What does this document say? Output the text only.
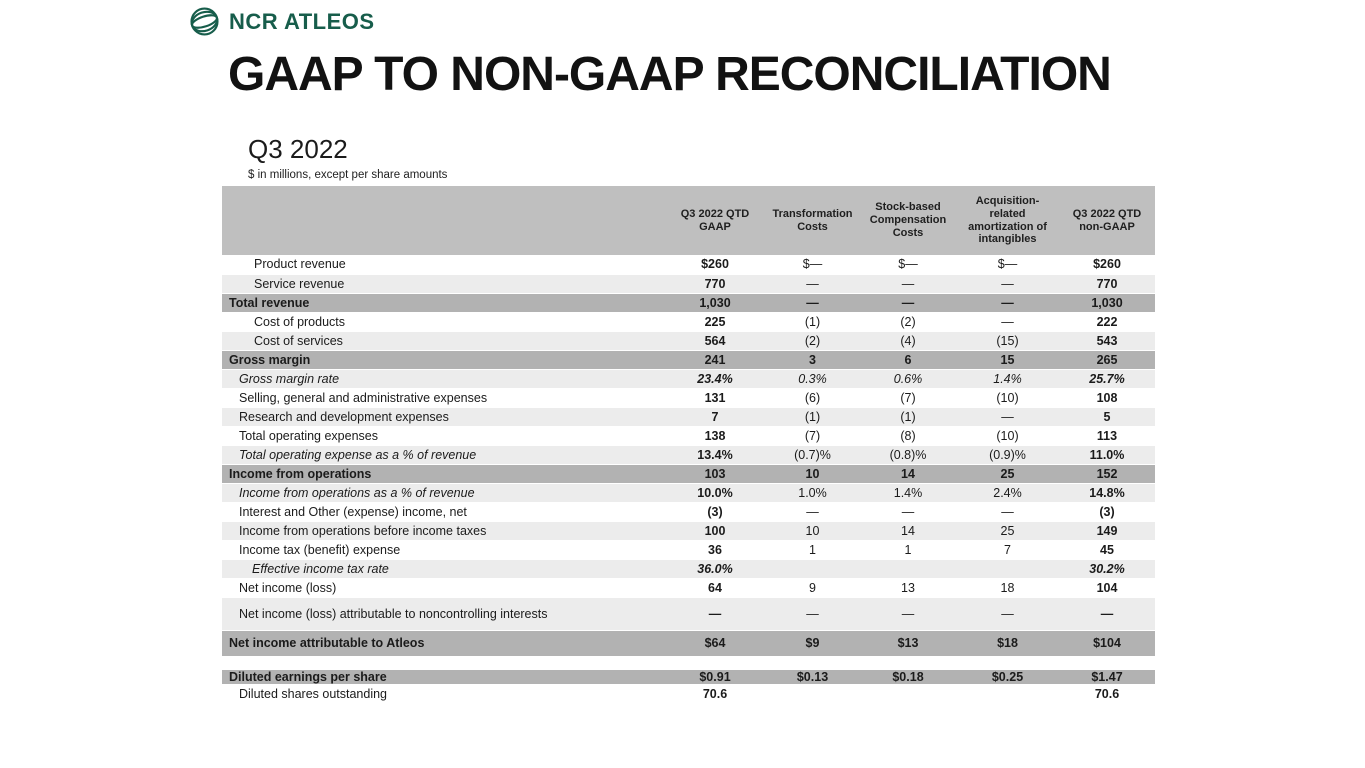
NCR ATLEOS
GAAP TO NON-GAAP RECONCILIATION
Q3 2022
$ in millions, except per share amounts
	Q3 2022 QTD GAAP	Transformation Costs	Stock-based Compensation Costs	Acquisition-related amortization of intangibles	Q3 2022 QTD non-GAAP
Product revenue	$260	$—	$—	$—	$260
Service revenue	770	—	—	—	770
Total revenue	1,030	—	—	—	1,030
Cost of products	225	(1)	(2)	—	222
Cost of services	564	(2)	(4)	(15)	543
Gross margin	241	3	6	15	265
Gross margin rate	23.4%	0.3%	0.6%	1.4%	25.7%
Selling, general and administrative expenses	131	(6)	(7)	(10)	108
Research and development expenses	7	(1)	(1)	—	5
Total operating expenses	138	(7)	(8)	(10)	113
Total operating expense as a % of revenue	13.4%	(0.7)%	(0.8)%	(0.9)%	11.0%
Income from operations	103	10	14	25	152
Income from operations as a % of revenue	10.0%	1.0%	1.4%	2.4%	14.8%
Interest and Other (expense) income, net	(3)	—	—	—	(3)
Income from operations before income taxes	100	10	14	25	149
Income tax (benefit) expense	36	1	1	7	45
Effective income tax rate	36.0%				30.2%
Net income (loss)	64	9	13	18	104
Net income (loss) attributable to noncontrolling interests	—	—	—	—	—
Net income attributable to Atleos	$64	$9	$13	$18	$104
Diluted earnings per share	$0.91	$0.13	$0.18	$0.25	$1.47
Diluted shares outstanding	70.6				70.6
